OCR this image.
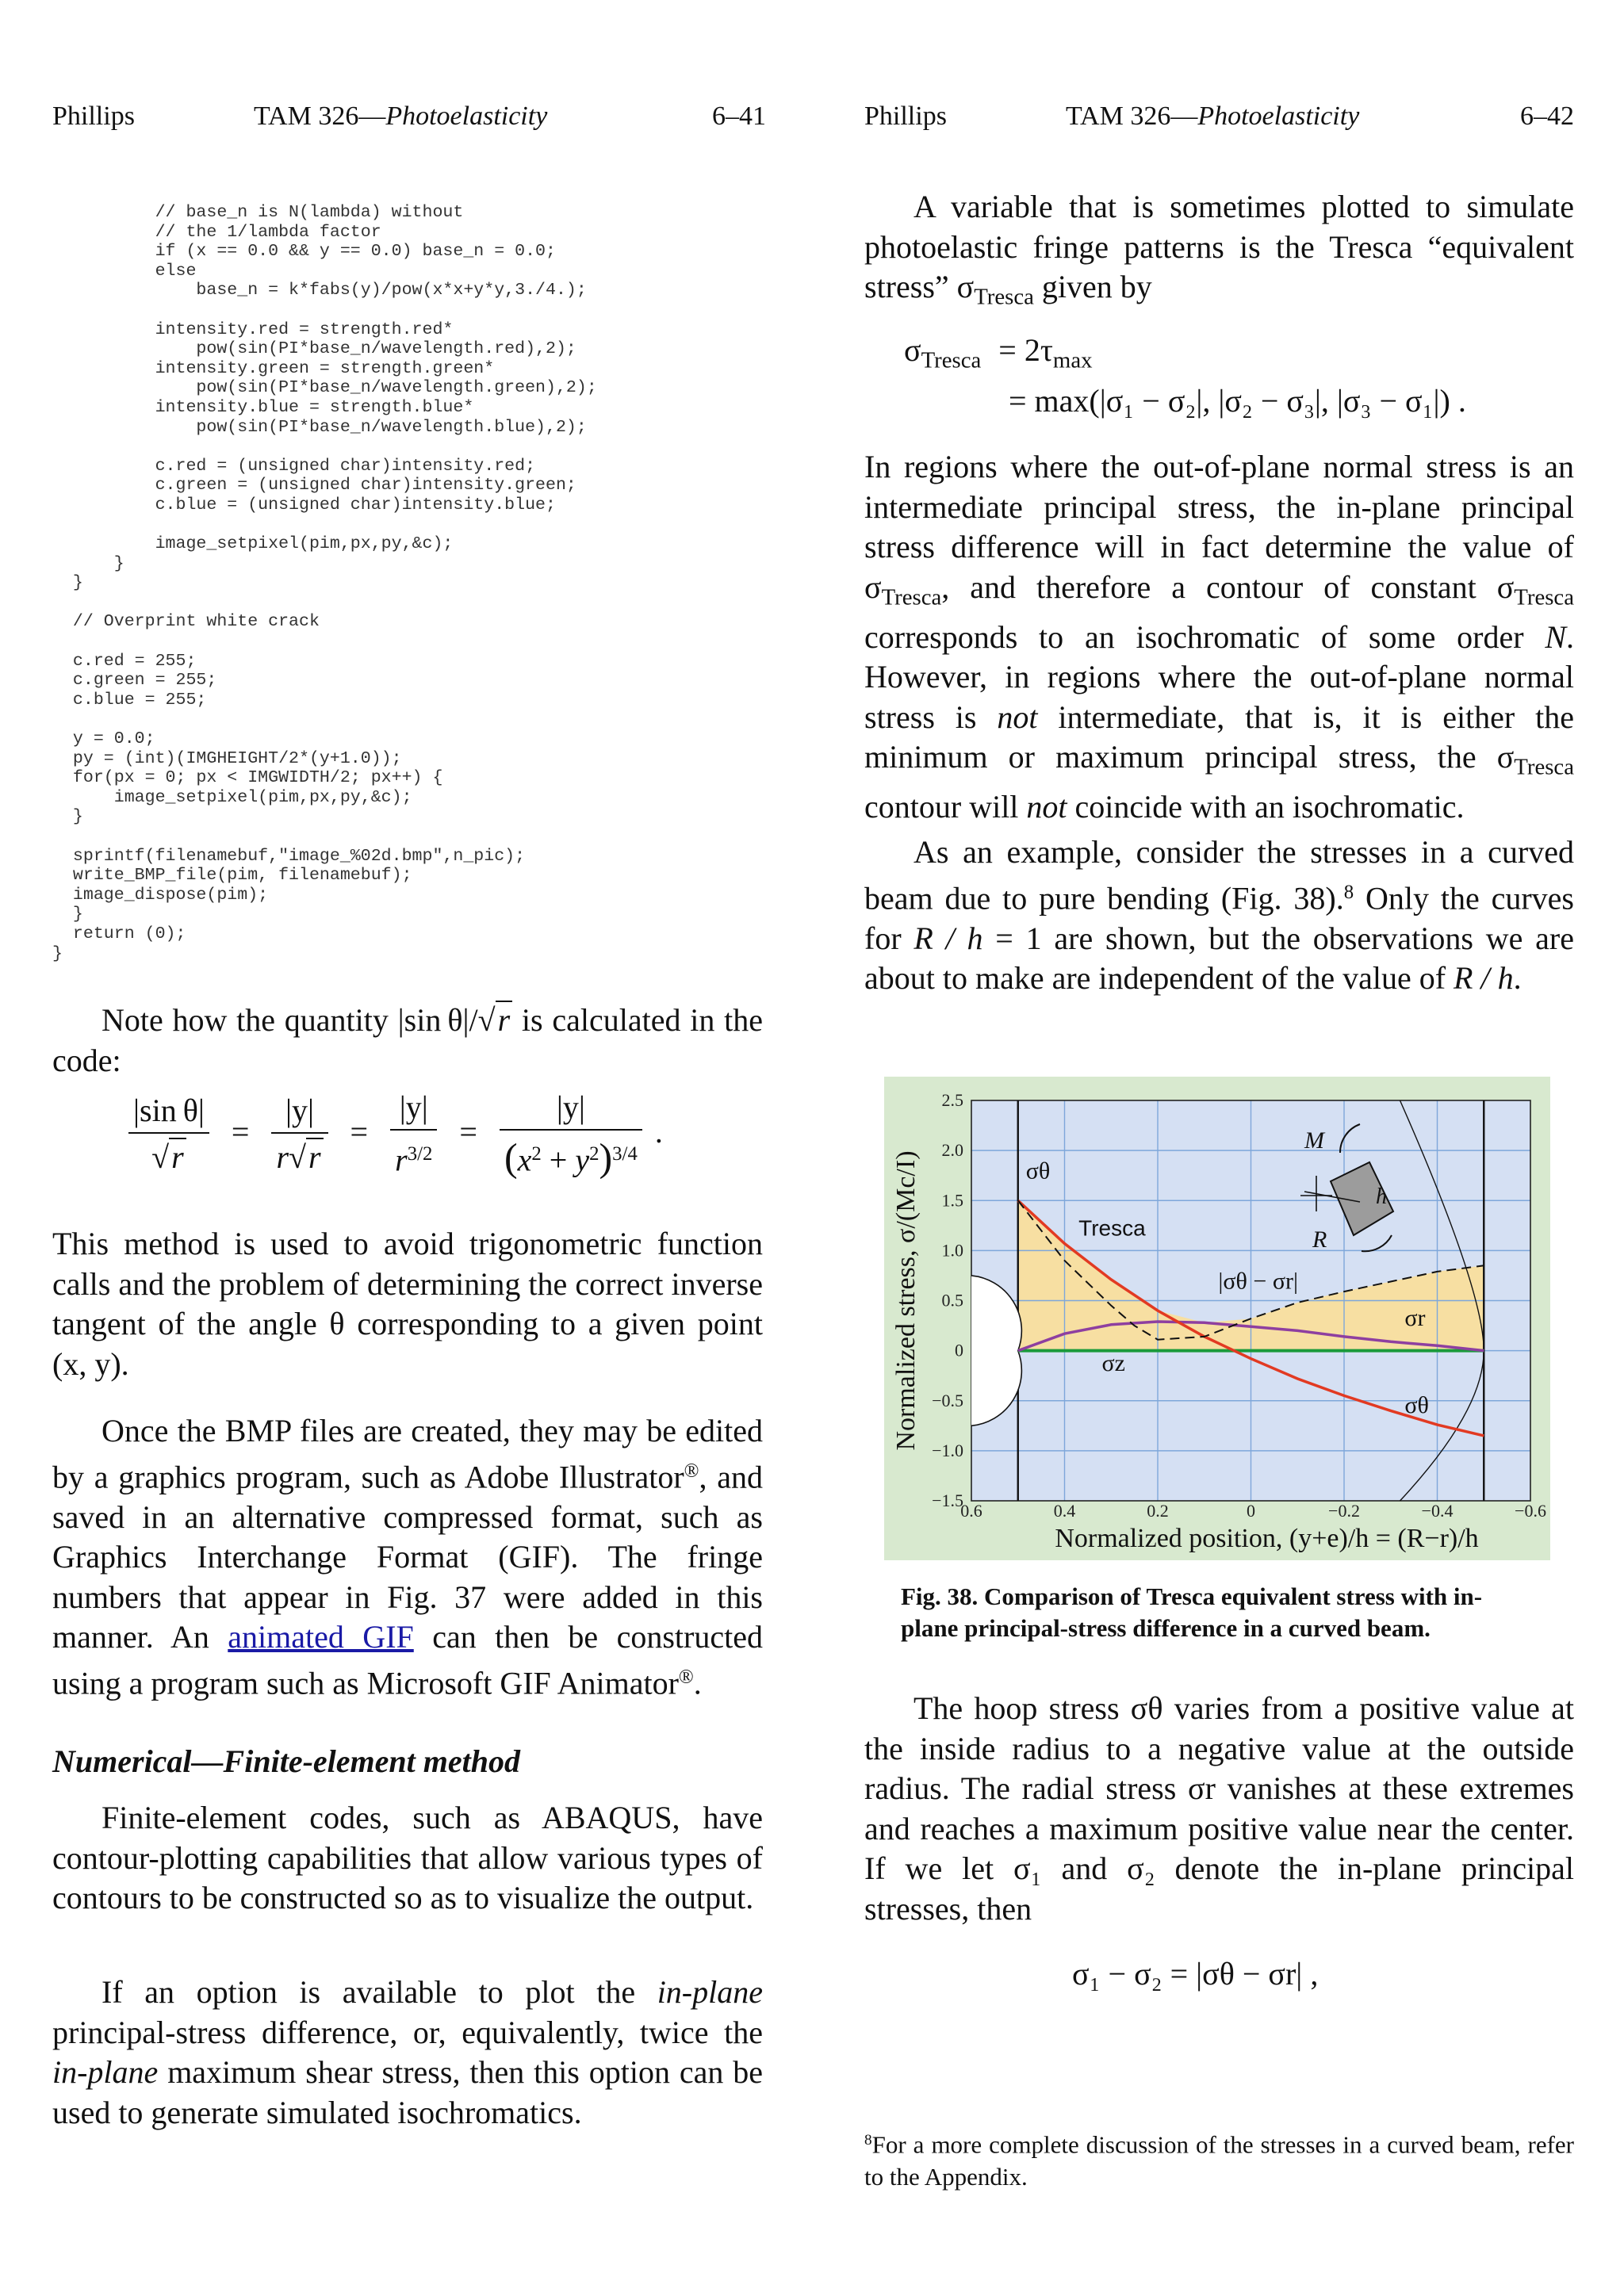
Phillips	TAM 326—Photoelasticity	6–41
// base_n is N(lambda) without
// the 1/lambda factor
if (x == 0.0 && y == 0.0) base_n = 0.0;
else
base_n = k*fabs(y)/pow(x*x+y*y,3./4.);

intensity.red = strength.red*
pow(sin(PI*base_n/wavelength.red),2);
intensity.green = strength.green*
pow(sin(PI*base_n/wavelength.green),2);
intensity.blue = strength.blue*
pow(sin(PI*base_n/wavelength.blue),2);

c.red = (unsigned char)intensity.red;
c.green = (unsigned char)intensity.green;
c.blue = (unsigned char)intensity.blue;

image_setpixel(pim,px,py,&c);
}
}

// Overprint white crack

c.red = 255;
c.green = 255;
c.blue = 255;

y = 0.0;
py = (int)(IMGHEIGHT/2*(y+1.0));
for(px = 0; px < IMGWIDTH/2; px++) {
image_setpixel(pim,px,py,&c);
}

sprintf(filenamebuf,"image_%02d.bmp",n_pic);
write_BMP_file(pim, filenamebuf);
image_dispose(pim);
}
return (0);
}

Note how the quantity |sin θ|/√r is calculated in the code:
$\frac{\text{|sin θ|}}{√r} = \frac{|y|}{r√r} = \frac{|y|}{r^{3/2}} = \frac{|y|}{(x^2 + y^2)^{3/4}}$ .
This method is used to avoid trigonometric function calls and the problem of determining the correct inverse tangent of the angle θ corresponding to a given point (x, y).
Once the BMP files are created, they may be edited by a graphics program, such as Adobe Illustrator®, and saved in an alternative compressed format, such as Graphics Interchange Format (GIF). The fringe numbers that appear in Fig. 37 were added in this manner. An animated GIF can then be constructed using a program such as Microsoft GIF Animator®.
Numerical—Finite-element method
Finite-element codes, such as ABAQUS, have contour-plotting capabilities that allow various types of contours to be constructed so as to visualize the output.
If an option is available to plot the in-plane principal-stress difference, or, equivalently, twice the in-plane maximum shear stress, then this option can be used to generate simulated isochromatics.
Phillips	TAM 326—Photoelasticity	6–42
A variable that is sometimes plotted to simulate photoelastic fringe patterns is the Tresca “equivalent stress” $\sigma_{Tresca}$ given by
$\sigma_{Tresca} = 2\tau_{max}$
= max(|σ₁ − σ₂|, |σ₂ − σ₃|, |σ₃ − σ₁|) .
In regions where the out-of-plane normal stress is an intermediate principal stress, the in-plane principal stress difference will in fact determine the value of $\sigma_{Tresca}$, and therefore a contour of constant $\sigma_{Tresca}$ corresponds to an isochromatic of some order N. However, in regions where the out-of-plane normal stress is not intermediate, that is, it is either the minimum or maximum principal stress, the $\sigma_{Tresca}$ contour will not coincide with an isochromatic.
As an example, consider the stresses in a curved beam due to pure bending (Fig. 38).$^8$ Only the curves for R / h = 1 are shown, but the observations we are about to make are independent of the value of R / h.
0.6	0.4	0.2	0	−0.2	−0.4	−0.6
2.5
2.0
1.5
1.0
0.5
0
−0.5
−1.0
−1.5
Normalized position, (y+e)/h = (R−r)/h
Normalized stress, σ/(Mc/I)	σθ
Tresca
|σθ − σr|
σr
σz
σθ
M
h
R
Fig. 38. Comparison of Tresca equivalent stress with in-plane principal-stress difference in a curved beam.
The hoop stress σθ varies from a positive value at the inside radius to a negative value at the outside radius. The radial stress σr vanishes at these extremes and reaches a maximum positive value near the center. If we let σ₁ and σ₂ denote the in-plane principal stresses, then
σ₁ − σ₂ = |σθ − σr| ,
$^8$For a more complete discussion of the stresses in a curved beam, refer to the Appendix.
